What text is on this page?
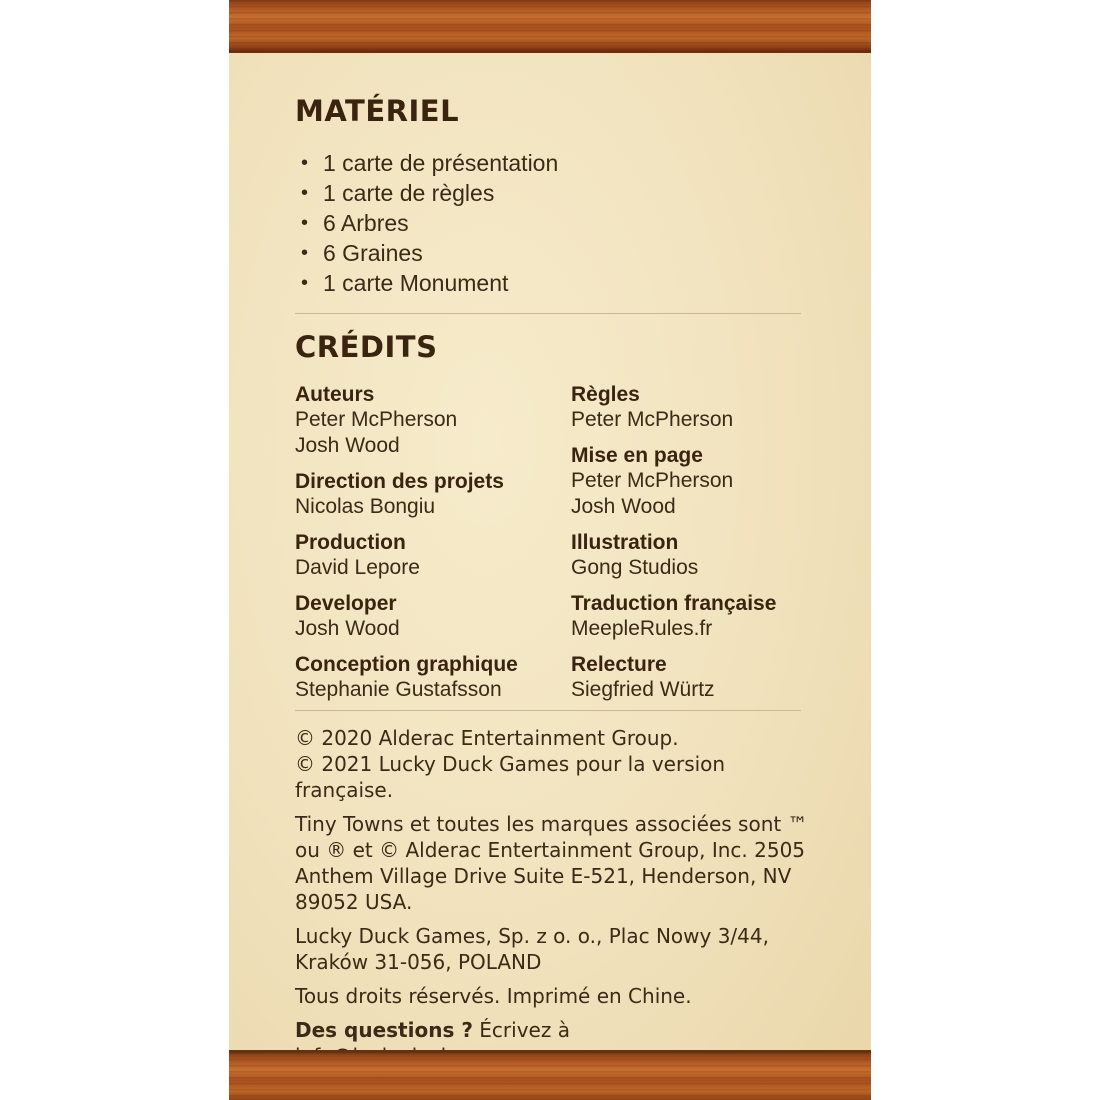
MATÉRIEL
• 1 carte de présentation
• 1 carte de règles
• 6 Arbres
• 6 Graines
• 1 carte Monument
CRÉDITS
Auteurs
Peter McPherson
Josh Wood
Direction des projets
Nicolas Bongiu
Production
David Lepore
Developer
Josh Wood
Conception graphique
Stephanie Gustafsson
Règles
Peter McPherson
Mise en page
Peter McPherson
Josh Wood
Illustration
Gong Studios
Traduction française
MeepleRules.fr
Relecture
Siegfried Würtz

© 2020 Alderac Entertainment Group.
© 2021 Lucky Duck Games pour la version française.

Tiny Towns et toutes les marques associées sont ™ ou ® et © Alderac Entertainment Group, Inc. 2505 Anthem Village Drive Suite E-521, Henderson, NV 89052 USA.

Lucky Duck Games, Sp. z o. o., Plac Nowy 3/44, Kraków 31-056, POLAND

Tous droits réservés. Imprimé en Chine.

Des questions ? Écrivez à
